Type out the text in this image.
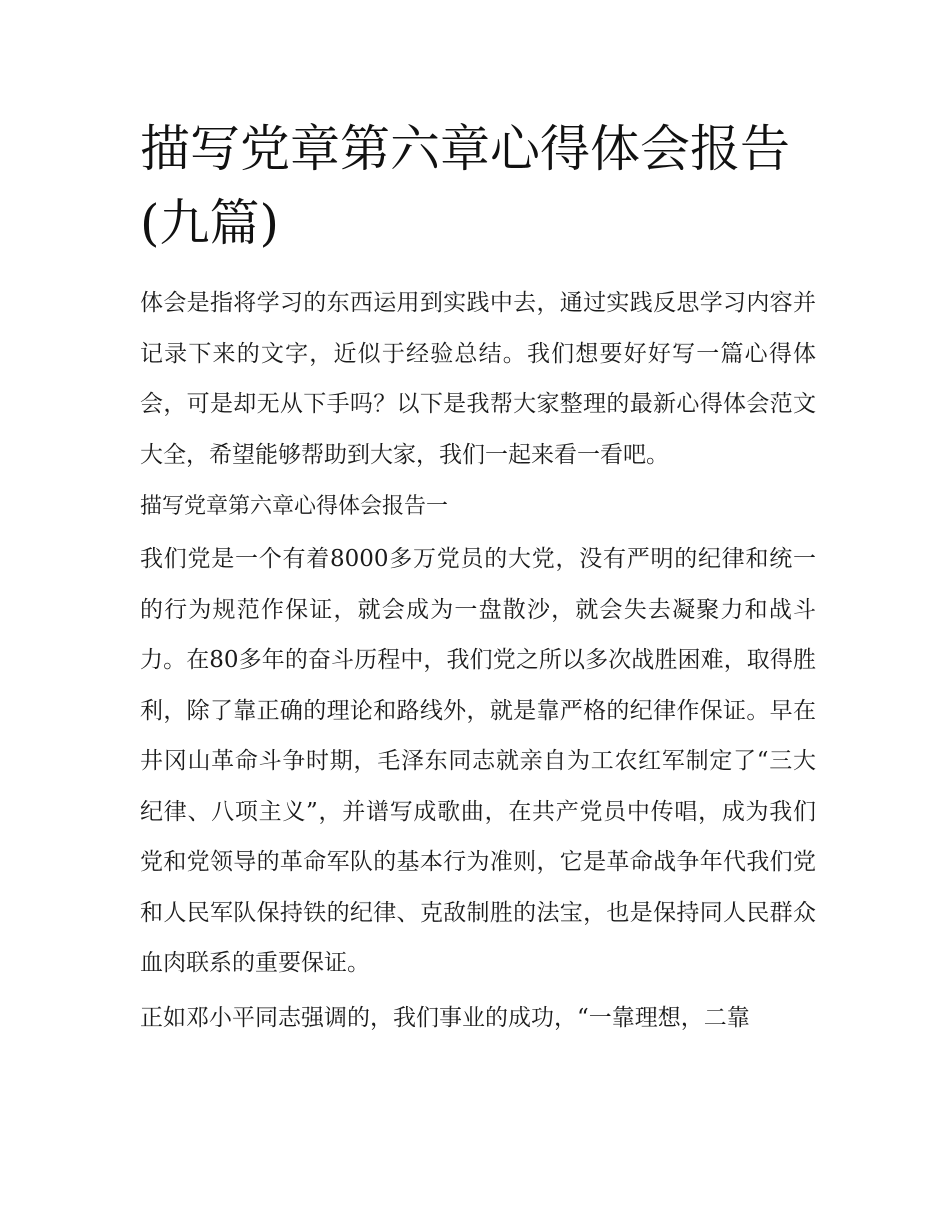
描写党章第六章心得体会报告(九篇)

体会是指将学习的东西运用到实践中去，通过实践反思学习内容并记录下来的文字，近似于经验总结。我们想要好好写一篇心得体会，可是却无从下手吗？以下是我帮大家整理的最新心得体会范文大全，希望能够帮助到大家，我们一起来看一看吧。

描写党章第六章心得体会报告一

我们党是一个有着8000多万党员的大党，没有严明的纪律和统一的行为规范作保证，就会成为一盘散沙，就会失去凝聚力和战斗力。在80多年的奋斗历程中，我们党之所以多次战胜困难，取得胜利，除了靠正确的理论和路线外，就是靠严格的纪律作保证。早在井冈山革命斗争时期，毛泽东同志就亲自为工农红军制定了“三大纪律、八项主义”，并谱写成歌曲，在共产党员中传唱，成为我们党和党领导的革命军队的基本行为准则，它是革命战争年代我们党和人民军队保持铁的纪律、克敌制胜的法宝，也是保持同人民群众血肉联系的重要保证。

正如邓小平同志强调的，我们事业的成功，“一靠理想，二靠
